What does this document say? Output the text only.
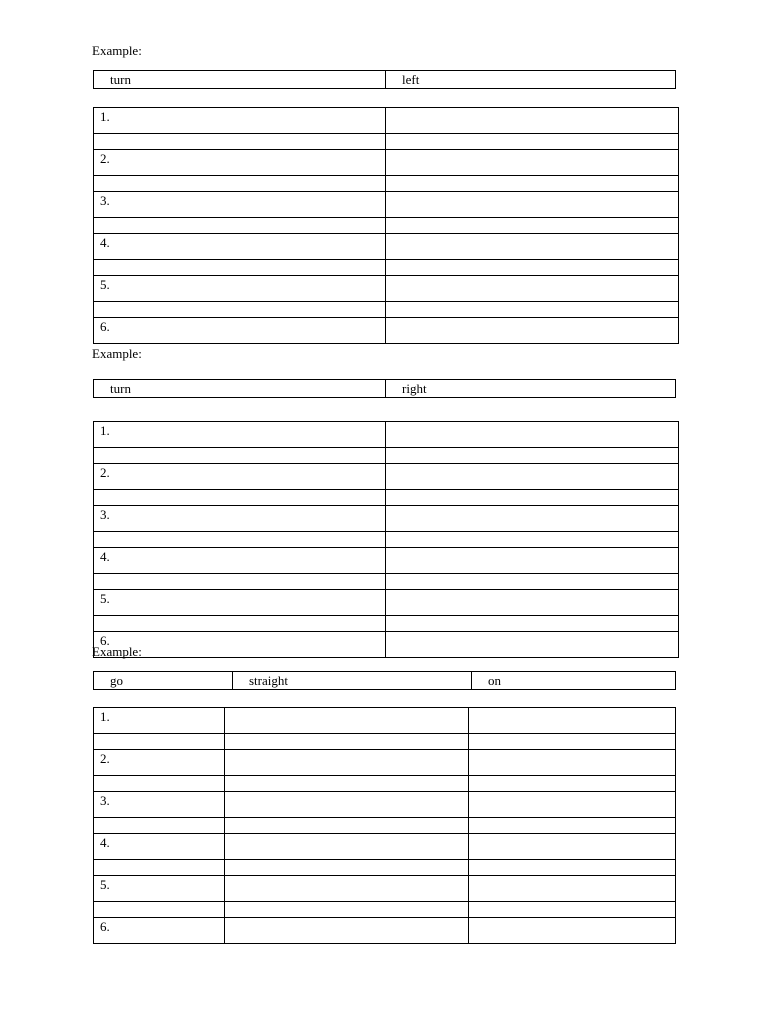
Example:
turn	left
1.	

2.	

3.	

4.	

5.	

6.	
Example:
turn	right
1.	

2.	

3.	

4.	

5.	

6.	
Example:
go	straight	on
1.		

2.		

3.		

4.		

5.		

6.		
